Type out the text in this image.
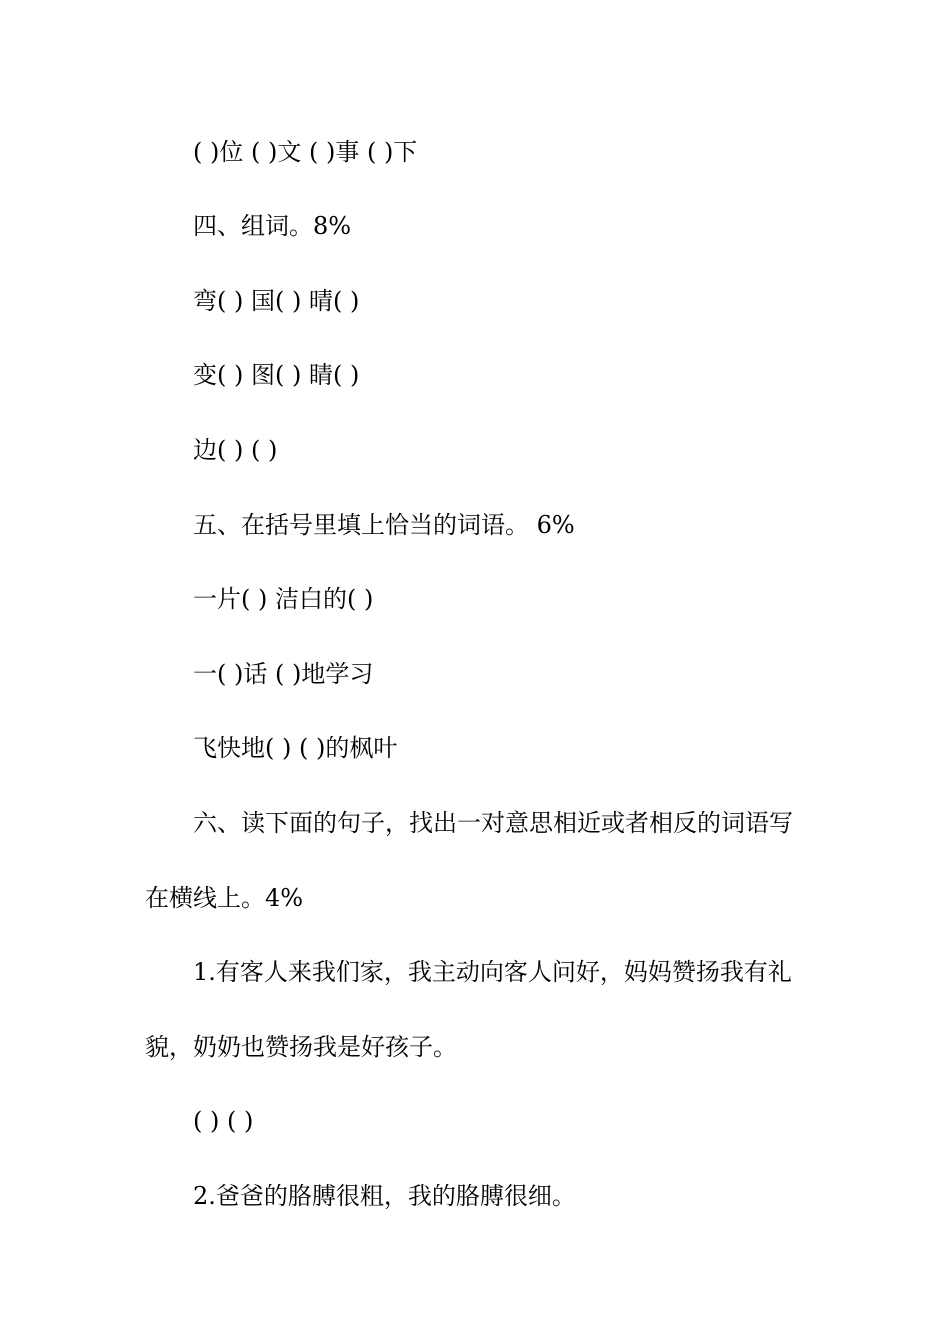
( )位 ( )文 ( )事 ( )下
四、组词。8%
弯( ) 国( ) 晴( )
变( ) 图( ) 睛( )
边( ) ( )
五、在括号里填上恰当的词语。 6%
一片( ) 洁白的( )
一( )话 ( )地学习
飞快地( ) ( )的枫叶
六、读下面的句子，找出一对意思相近或者相反的词语写
在横线上。4%
1.有客人来我们家，我主动向客人问好，妈妈赞扬我有礼
貌，奶奶也赞扬我是好孩子。
( ) ( )
2.爸爸的胳膊很粗，我的胳膊很细。
